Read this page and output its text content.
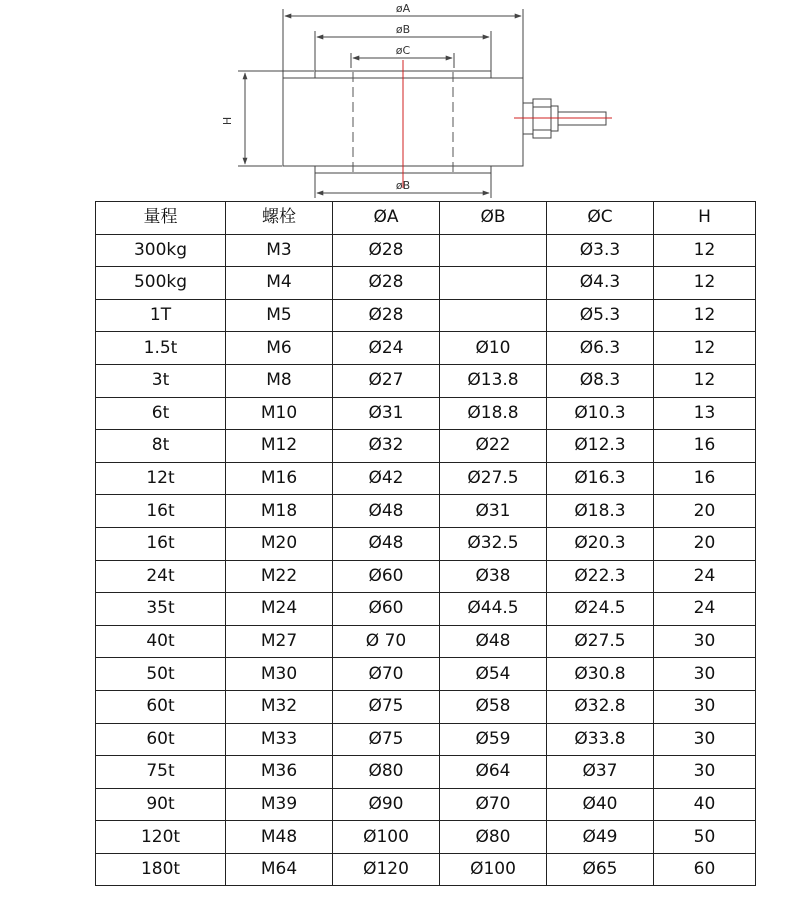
øA
øB
øC
H
øB
量程	螺栓	ØA	ØB	ØC	H
300kg	M3	Ø28		Ø3.3	12
500kg	M4	Ø28		Ø4.3	12
1T	M5	Ø28		Ø5.3	12
1.5t	M6	Ø24	Ø10	Ø6.3	12
3t	M8	Ø27	Ø13.8	Ø8.3	12
6t	M10	Ø31	Ø18.8	Ø10.3	13
8t	M12	Ø32	Ø22	Ø12.3	16
12t	M16	Ø42	Ø27.5	Ø16.3	16
16t	M18	Ø48	Ø31	Ø18.3	20
16t	M20	Ø48	Ø32.5	Ø20.3	20
24t	M22	Ø60	Ø38	Ø22.3	24
35t	M24	Ø60	Ø44.5	Ø24.5	24
40t	M27	Ø 70	Ø48	Ø27.5	30
50t	M30	Ø70	Ø54	Ø30.8	30
60t	M32	Ø75	Ø58	Ø32.8	30
60t	M33	Ø75	Ø59	Ø33.8	30
75t	M36	Ø80	Ø64	Ø37	30
90t	M39	Ø90	Ø70	Ø40	40
120t	M48	Ø100	Ø80	Ø49	50
180t	M64	Ø120	Ø100	Ø65	60
